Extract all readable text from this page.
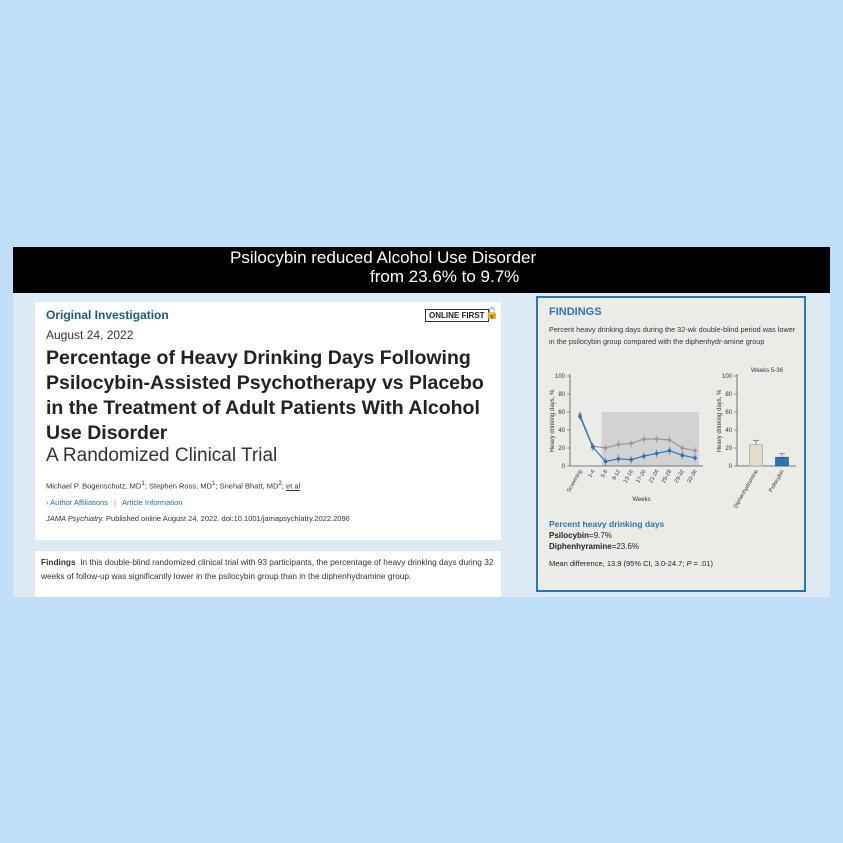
Psilocybin reduced Alcohol Use Disorder
from 23.6% to 9.7%
Original Investigation	ONLINE FIRST 🔓
August 24, 2022
Percentage of Heavy Drinking Days Following Psilocybin-Assisted Psychotherapy vs Placebo in the Treatment of Adult Patients With Alcohol Use Disorder
A Randomized Clinical Trial
Michael P. Bogenschutz, $MD^1$; Stephen Ross, $MD^1$; Snehal Bhatt, $MD^2$; et al
› Author Affiliations | Article Information
JAMA Psychiatry. Published online August 24, 2022. doi:10.1001/jamapsychiatry.2022.2096

Findings In this double-blind randomized clinical trial with 93 participants, the percentage of heavy drinking days during 32 weeks of follow-up was significantly lower in the psilocybin group than in the diphenhydramine group.

FINDINGS
Percent heavy drinking days during the 32-wk double-blind period was lower in the psilocybin group compared with the diphenhydr-amine group
0
20
40
60
80
100
Heavy drinking days, %
Screening 1-4 5-8 9-12 13-16 17-20 21-24 25-28 29-32 33-36
Weeks
Weeks 5-36
0
20
40
60
80
100
Heavy drinking days, %
Diphenhydramine Psilocybin
Percent heavy drinking days
Psilocybin=9.7%
Diphenhyramine=23.6%
Mean difference, 13.9 (95% CI, 3.0-24.7; P = .01)
